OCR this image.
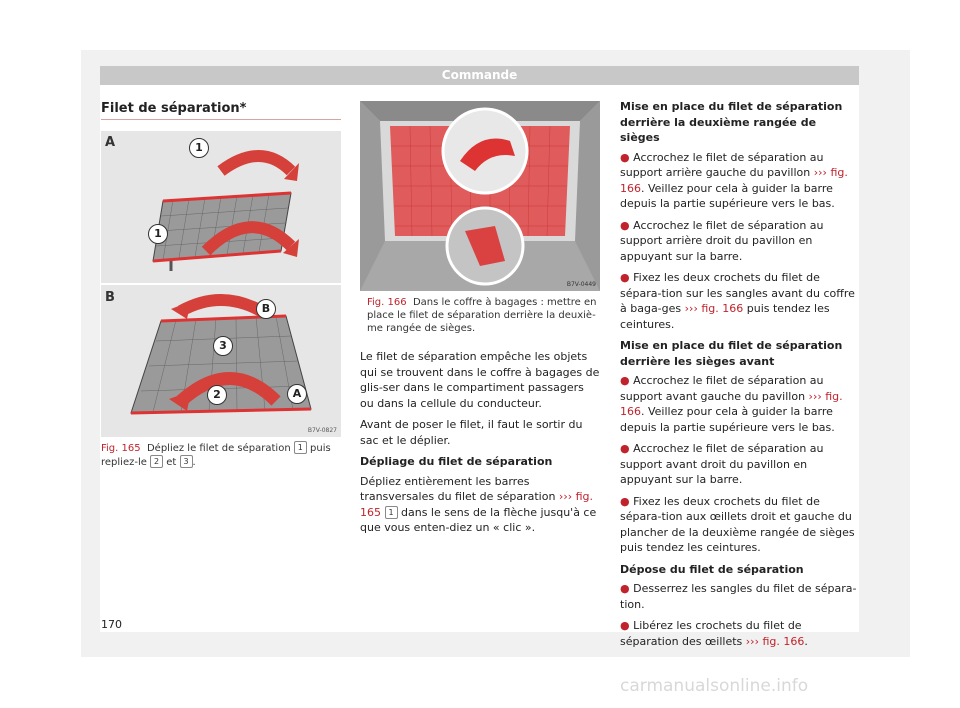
Commande
Filet de séparation*
A
B
1
1
B
3
2	A
B7V-0827
Fig. 165 Dépliez le filet de séparation 1 puis repliez-le 2 et 3 .
B7V-0449
Fig. 166 Dans le coffre à bagages : mettre en place le filet de séparation derrière la deuxiè-me rangée de sièges.

Le filet de séparation empêche les objets qui se trouvent dans le coffre à bagages de glis-ser dans le compartiment passagers ou dans la cellule du conducteur.

Avant de poser le filet, il faut le sortir du sac et le déplier.

Dépliage du filet de séparation

Dépliez entièrement les barres transversales du filet de séparation ››› fig. 165 1 dans le sens de la flèche jusqu'à ce que vous enten-diez un « clic ».

Mise en place du filet de séparation derrière la deuxième rangée de sièges

● Accrochez le filet de séparation au support arrière gauche du pavillon ››› fig. 166. Veillez pour cela à guider la barre depuis la partie supérieure vers le bas.

● Accrochez le filet de séparation au support arrière droit du pavillon en appuyant sur la barre.

● Fixez les deux crochets du filet de sépara-tion sur les sangles avant du coffre à baga-ges ››› fig. 166 puis tendez les ceintures.

Mise en place du filet de séparation derrière les sièges avant

● Accrochez le filet de séparation au support avant gauche du pavillon ››› fig. 166. Veillez pour cela à guider la barre depuis la partie supérieure vers le bas.

● Accrochez le filet de séparation au support avant droit du pavillon en appuyant sur la barre.

● Fixez les deux crochets du filet de sépara-tion aux œillets droit et gauche du plancher de la deuxième rangée de sièges puis tendez les ceintures.

Dépose du filet de séparation

● Desserrez les sangles du filet de sépara-tion.

● Libérez les crochets du filet de séparation des œillets ››› fig. 166.

170
carmanualsonline.info
